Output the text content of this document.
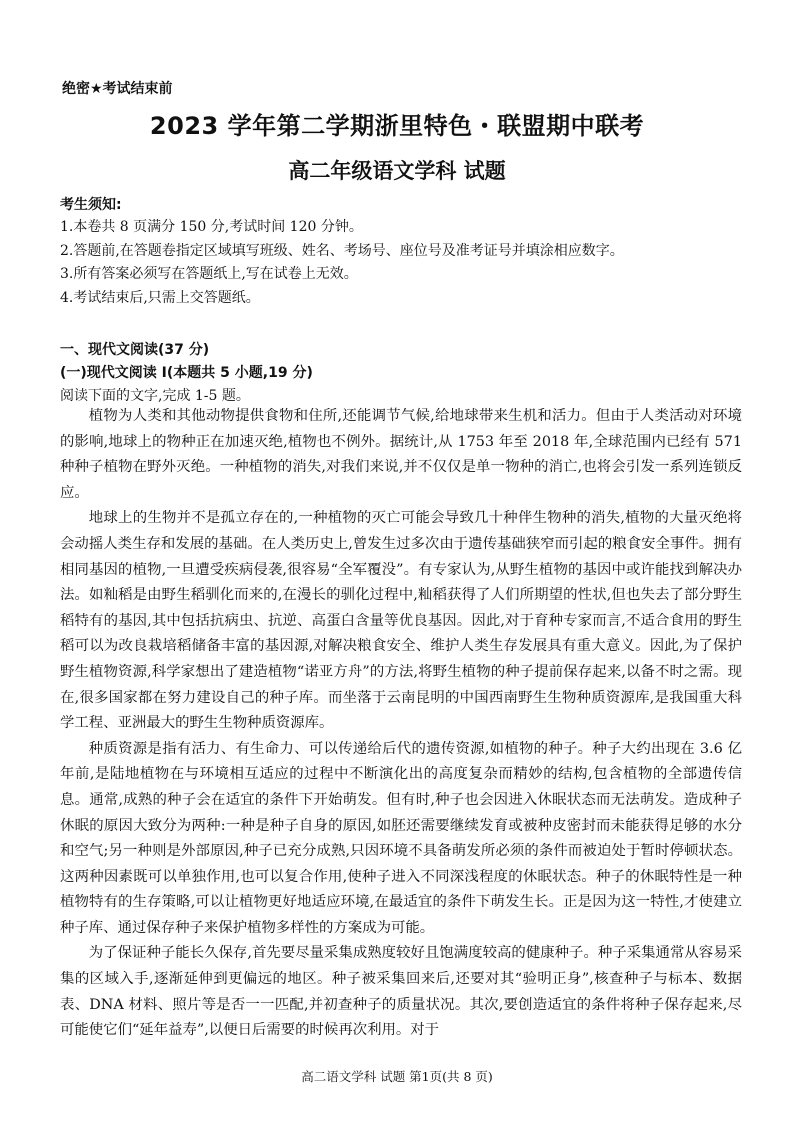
绝密★考试结束前
2023 学年第二学期浙里特色・联盟期中联考
高二年级语文学科 试题
考生须知:
1.本卷共 8 页满分 150 分,考试时间 120 分钟。
2.答题前,在答题卷指定区域填写班级、姓名、考场号、座位号及准考证号并填涂相应数字。
3.所有答案必须写在答题纸上,写在试卷上无效。
4.考试结束后,只需上交答题纸。
一、现代文阅读(37 分)
(一)现代文阅读 I(本题共 5 小题,19 分)
阅读下面的文字,完成 1-5 题。

植物为人类和其他动物提供食物和住所,还能调节气候,给地球带来生机和活力。但由于人类活动对环境的影响,地球上的物种正在加速灭绝,植物也不例外。据统计,从 1753 年至 2018 年,全球范围内已经有 571 种种子植物在野外灭绝。一种植物的消失,对我们来说,并不仅仅是单一物种的消亡,也将会引发一系列连锁反应。

地球上的生物并不是孤立存在的,一种植物的灭亡可能会导致几十种伴生物种的消失,植物的大量灭绝将会动摇人类生存和发展的基础。在人类历史上,曾发生过多次由于遗传基础狭窄而引起的粮食安全事件。拥有相同基因的植物,一旦遭受疾病侵袭,很容易“全军覆没”。有专家认为,从野生植物的基因中或许能找到解决办法。如籼稻是由野生稻驯化而来的,在漫长的驯化过程中,籼稻获得了人们所期望的性状,但也失去了部分野生稻特有的基因,其中包括抗病虫、抗逆、高蛋白含量等优良基因。因此,对于育种专家而言,不适合食用的野生稻可以为改良栽培稻储备丰富的基因源,对解决粮食安全、维护人类生存发展具有重大意义。因此,为了保护野生植物资源,科学家想出了建造植物“诺亚方舟”的方法,将野生植物的种子提前保存起来,以备不时之需。现在,很多国家都在努力建设自己的种子库。而坐落于云南昆明的中国西南野生生物种质资源库,是我国重大科学工程、亚洲最大的野生生物种质资源库。

种质资源是指有活力、有生命力、可以传递给后代的遗传资源,如植物的种子。种子大约出现在 3.6 亿年前,是陆地植物在与环境相互适应的过程中不断演化出的高度复杂而精妙的结构,包含植物的全部遗传信息。通常,成熟的种子会在适宜的条件下开始萌发。但有时,种子也会因进入休眠状态而无法萌发。造成种子休眠的原因大致分为两种:一种是种子自身的原因,如胚还需要继续发育或被种皮密封而未能获得足够的水分和空气;另一种则是外部原因,种子已充分成熟,只因环境不具备萌发所必须的条件而被迫处于暂时停顿状态。这两种因素既可以单独作用,也可以复合作用,使种子进入不同深浅程度的休眠状态。种子的休眠特性是一种植物特有的生存策略,可以让植物更好地适应环境,在最适宜的条件下萌发生长。正是因为这一特性,才使建立种子库、通过保存种子来保护植物多样性的方案成为可能。

为了保证种子能长久保存,首先要尽量采集成熟度较好且饱满度较高的健康种子。种子采集通常从容易采集的区域入手,逐渐延伸到更偏远的地区。种子被采集回来后,还要对其“验明正身”,核查种子与标本、数据表、DNA 材料、照片等是否一一匹配,并初查种子的质量状况。其次,要创造适宜的条件将种子保存起来,尽可能使它们“延年益寿”,以便日后需要的时候再次利用。对于

高二语文学科 试题 第1页(共 8 页)
